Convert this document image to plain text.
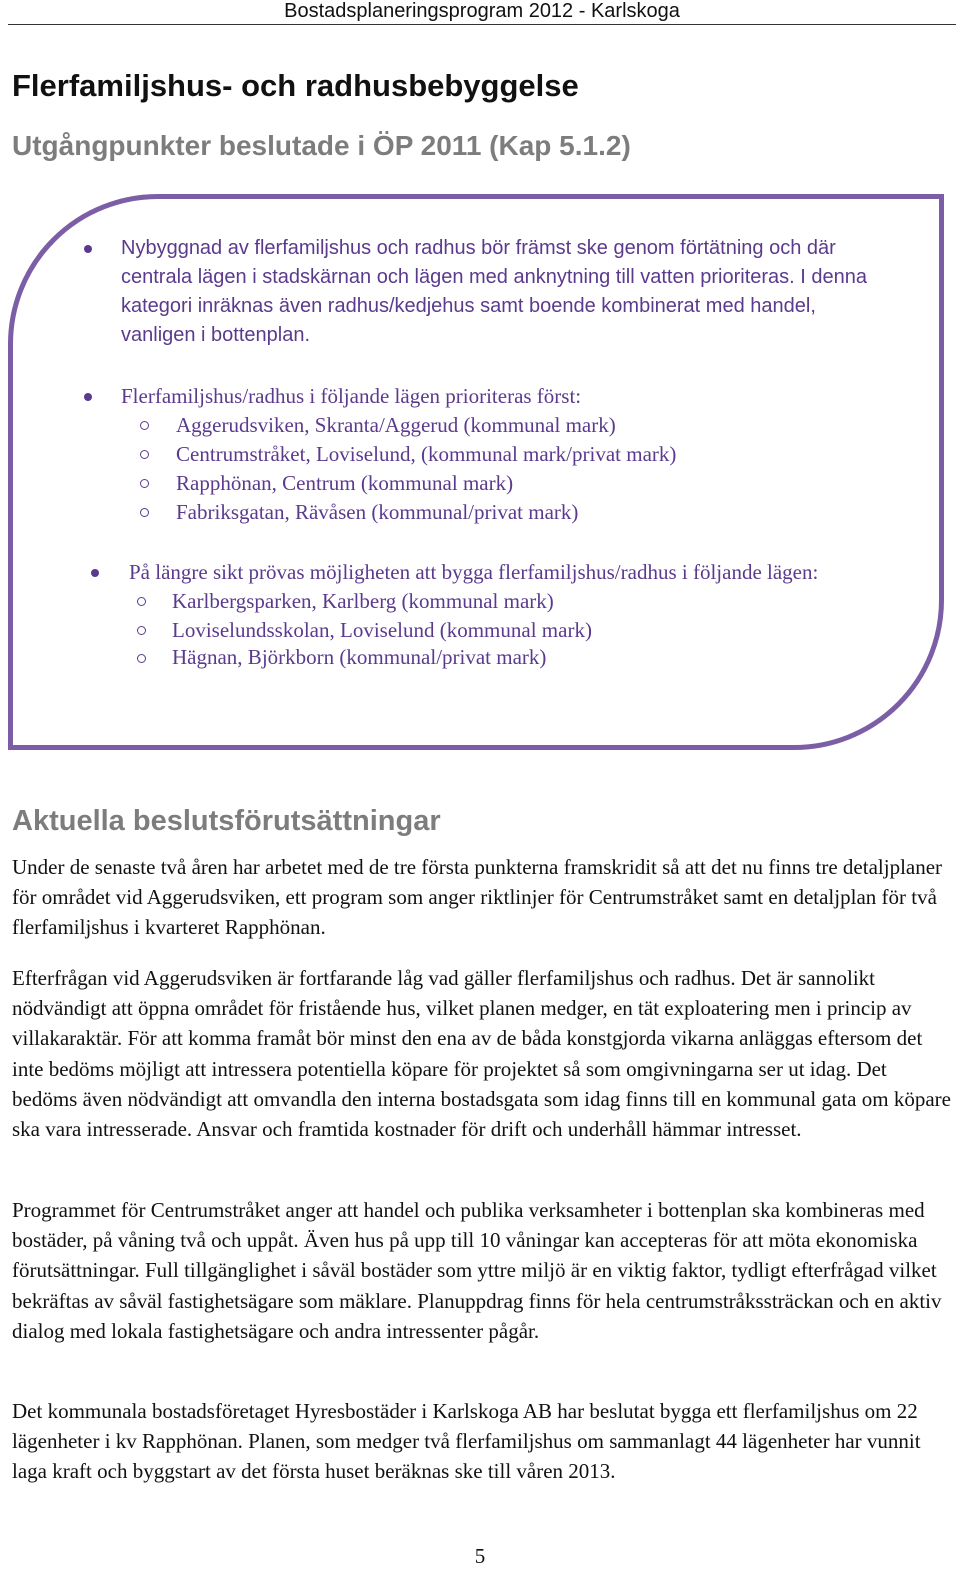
Bostadsplaneringsprogram 2012 - Karlskoga
Flerfamiljshus- och radhusbebyggelse
Utgångpunkter beslutade i ÖP 2011 (Kap 5.1.2)

Nybyggnad av flerfamiljshus och radhus bör främst ske genom förtätning och där
centrala lägen i stadskärnan och lägen med anknytning till vatten prioriteras. I denna
kategori inräknas även radhus/kedjehus samt boende kombinerat med handel,
vanligen i bottenplan.

Flerfamiljshus/radhus i följande lägen prioriteras först:

Aggerudsviken, Skranta/Aggerud (kommunal mark)

Centrumstråket, Loviselund, (kommunal mark/privat mark)

Rapphönan, Centrum (kommunal mark)

Fabriksgatan, Rävåsen (kommunal/privat mark)

På längre sikt prövas möjligheten att bygga flerfamiljshus/radhus i följande lägen:

Karlbergsparken, Karlberg (kommunal mark)

Loviselundsskolan, Loviselund (kommunal mark)

Hägnan, Björkborn (kommunal/privat mark)

Aktuella beslutsförutsättningar

Under de senaste två åren har arbetet med de tre första punkterna framskridit så att det nu finns tre detaljplaner för området vid Aggerudsviken, ett program som anger riktlinjer för Centrumstråket samt en detaljplan för två flerfamiljshus i kvarteret Rapphönan.

Efterfrågan vid Aggerudsviken är fortfarande låg vad gäller flerfamiljshus och radhus. Det är sannolikt nödvändigt att öppna området för fristående hus, vilket planen medger, en tät exploatering men i princip av villakaraktär. För att komma framåt bör minst den ena av de båda konstgjorda vikarna anläggas eftersom det inte bedöms möjligt att intressera potentiella köpare för projektet så som omgivningarna ser ut idag. Det bedöms även nödvändigt att omvandla den interna bostadsgata som idag finns till en kommunal gata om köpare ska vara intresserade. Ansvar och framtida kostnader för drift och underhåll hämmar intresset.

Programmet för Centrumstråket anger att handel och publika verksamheter i bottenplan ska kombineras med bostäder, på våning två och uppåt. Även hus på upp till 10 våningar kan accepteras för att möta ekonomiska förutsättningar. Full tillgänglighet i såväl bostäder som yttre miljö är en viktig faktor, tydligt efterfrågad vilket bekräftas av såväl fastighetsägare som mäklare. Planuppdrag finns för hela centrumstråkssträckan och en aktiv dialog med lokala fastighetsägare och andra intressenter pågår.

Det kommunala bostadsföretaget Hyresbostäder i Karlskoga AB har beslutat bygga ett flerfamiljshus om 22 lägenheter i kv Rapphönan. Planen, som medger två flerfamiljshus om sammanlagt 44 lägenheter har vunnit laga kraft och byggstart av det första huset beräknas ske till våren 2013.

5
